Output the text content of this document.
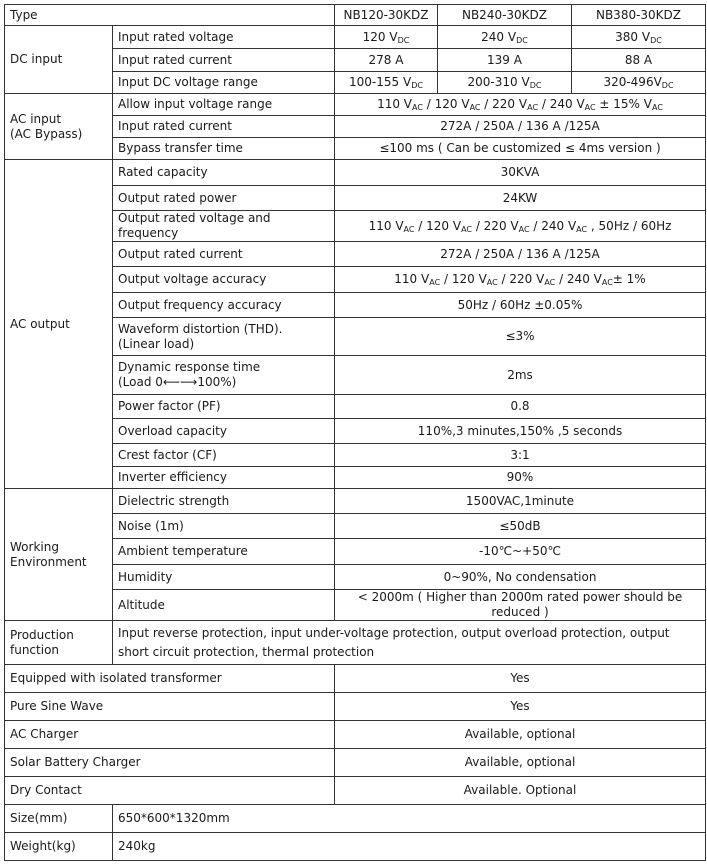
Type		NB120-30KDZ	NB240-30KDZ	NB380-30KDZ
DC input	Input rated voltage	120 $V_{DC}$	240 $V_{DC}$	380 $V_{DC}$
	Input rated current	278 A	139 A	88 A
	Input DC voltage range	100-155 $V_{DC}$	200-310 $V_{DC}$	$320-496V_{DC}$
AC input
(AC Bypass)	Allow input voltage range	110 $V_{AC} / 120$ $V_{AC} / 220$ $V_{AC} / 240$ $V_{AC} \pm 15\%$ $V_{AC}$
	Input rated current	272A / 250A / 136 A /125A		
	Bypass transfer time	≤100 ms ( Can be customized ≤ 4ms version )		
AC output	Rated capacity	30KVA		
	Output rated power	24KW		
	Output rated voltage and frequency	110 $V_{AC} / 120$ $V_{AC} / 220$ $V_{AC} / 240$ $V_{AC}$ , 50Hz / 60Hz		
	Output rated current	272A / 250A / 136 A /125A		
	Output voltage accuracy	110 $V_{AC} / 120$ $V_{AC} / 220$ $V_{AC} / 240$ $V_{AC}\pm 1\%$		
	Output frequency accuracy	50Hz / 60Hz ±0.05%		
	Waveform distortion (THD).
(Linear load)	≤3%		
	Dynamic response time
(Load 0⟵⟶100%)	2ms		
	Power factor (PF)	0.8		
	Overload capacity	110%,3 minutes,150% ,5 seconds		
	Crest factor (CF)	3:1		
	Inverter efficiency	90%		
Working
Environment	Dielectric strength	1500VAC,1minute		
	Noise (1m)	≤50dB		
	Ambient temperature	-10℃~+50℃		
	Humidity	0~90%, No condensation		
	Altitude	< 2000m ( Higher than 2000m rated power should be reduced )		
Production
function	Input reverse protection, input under-voltage protection, output overload protection, output short circuit protection, thermal protection			
Equipped with isolated transformer		Yes		
Pure Sine Wave		Yes		
AC Charger		Available, optional		
Solar Battery Charger		Available, optional		
Dry Contact		Available. Optional		
Size(mm)	650*600*1320mm			
Weight(kg)	240kg			
